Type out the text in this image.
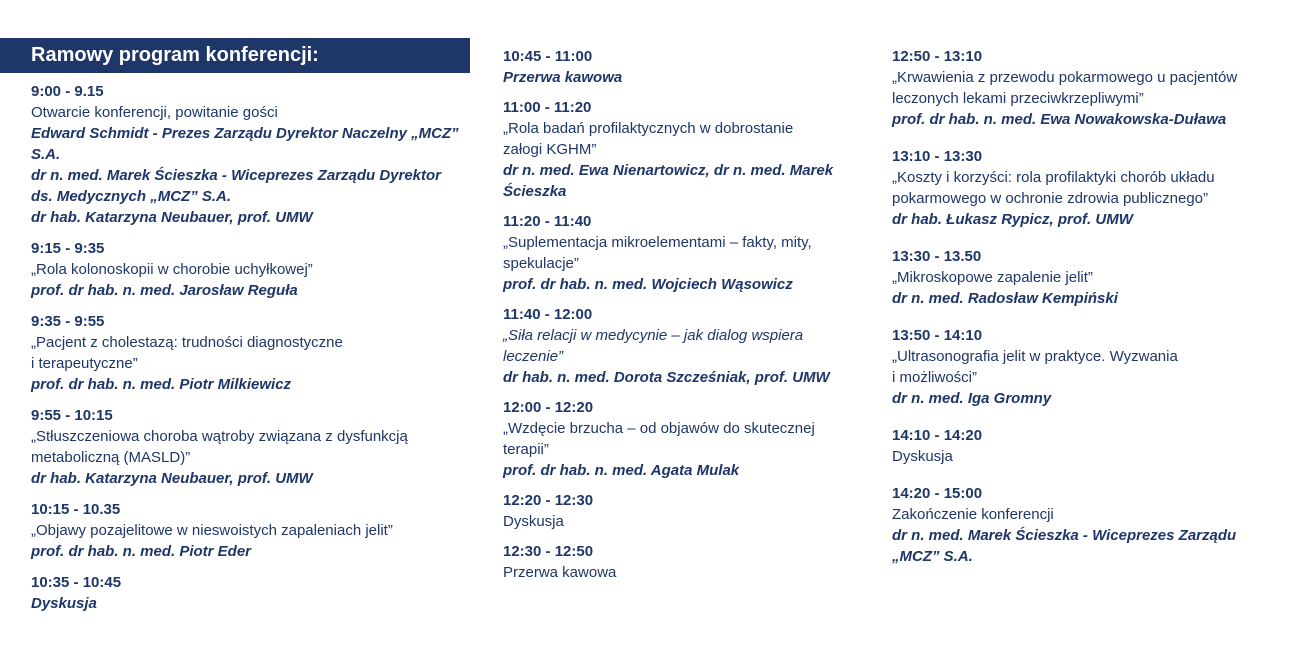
Ramowy program konferencji:
9:00 - 9.15
Otwarcie konferencji, powitanie gości
Edward Schmidt - Prezes Zarządu Dyrektor Naczelny „MCZ” S.A.
dr n. med. Marek Ścieszka - Wiceprezes Zarządu Dyrektor
ds. Medycznych „MCZ” S.A.
dr hab. Katarzyna Neubauer, prof. UMW
9:15 - 9:35
„Rola kolonoskopii w chorobie uchyłkowej”
prof. dr hab. n. med. Jarosław Reguła
9:35 - 9:55
„Pacjent z cholestazą: trudności diagnostyczne
i terapeutyczne”
prof. dr hab. n. med. Piotr Milkiewicz
9:55 - 10:15
„Stłuszczeniowa choroba wątroby związana z dysfunkcją
metaboliczną (MASLD)”
dr hab. Katarzyna Neubauer, prof. UMW
10:15 - 10.35
„Objawy pozajelitowe w nieswoistych zapaleniach jelit”
prof. dr hab. n. med. Piotr Eder
10:35 - 10:45
Dyskusja
10:45 - 11:00
Przerwa kawowa
11:00 - 11:20
„Rola badań profilaktycznych w dobrostanie
załogi KGHM”
dr n. med. Ewa Nienartowicz, dr n. med. Marek
Ścieszka
11:20 - 11:40
„Suplementacja mikroelementami – fakty, mity,
spekulacje”
prof. dr hab. n. med. Wojciech Wąsowicz
11:40 - 12:00
„Siła relacji w medycynie – jak dialog wspiera
leczenie”
dr hab. n. med. Dorota Szcześniak, prof. UMW
12:00 - 12:20
„Wzdęcie brzucha – od objawów do skutecznej
terapii”
prof. dr hab. n. med. Agata Mulak
12:20 - 12:30
Dyskusja
12:30 - 12:50
Przerwa kawowa
12:50 - 13:10
„Krwawienia z przewodu pokarmowego u pacjentów
leczonych lekami przeciwkrzepliwymi”
prof. dr hab. n. med. Ewa Nowakowska-Duława
13:10 - 13:30
„Koszty i korzyści: rola profilaktyki chorób układu
pokarmowego w ochronie zdrowia publicznego”
dr hab. Łukasz Rypicz, prof. UMW
13:30 - 13.50
„Mikroskopowe zapalenie jelit”
dr n. med. Radosław Kempiński
13:50 - 14:10
„Ultrasonografia jelit w praktyce. Wyzwania
i możliwości”
dr n. med. Iga Gromny
14:10 - 14:20
Dyskusja
14:20 - 15:00
Zakończenie konferencji
dr n. med. Marek Ścieszka - Wiceprezes Zarządu
„MCZ” S.A.
